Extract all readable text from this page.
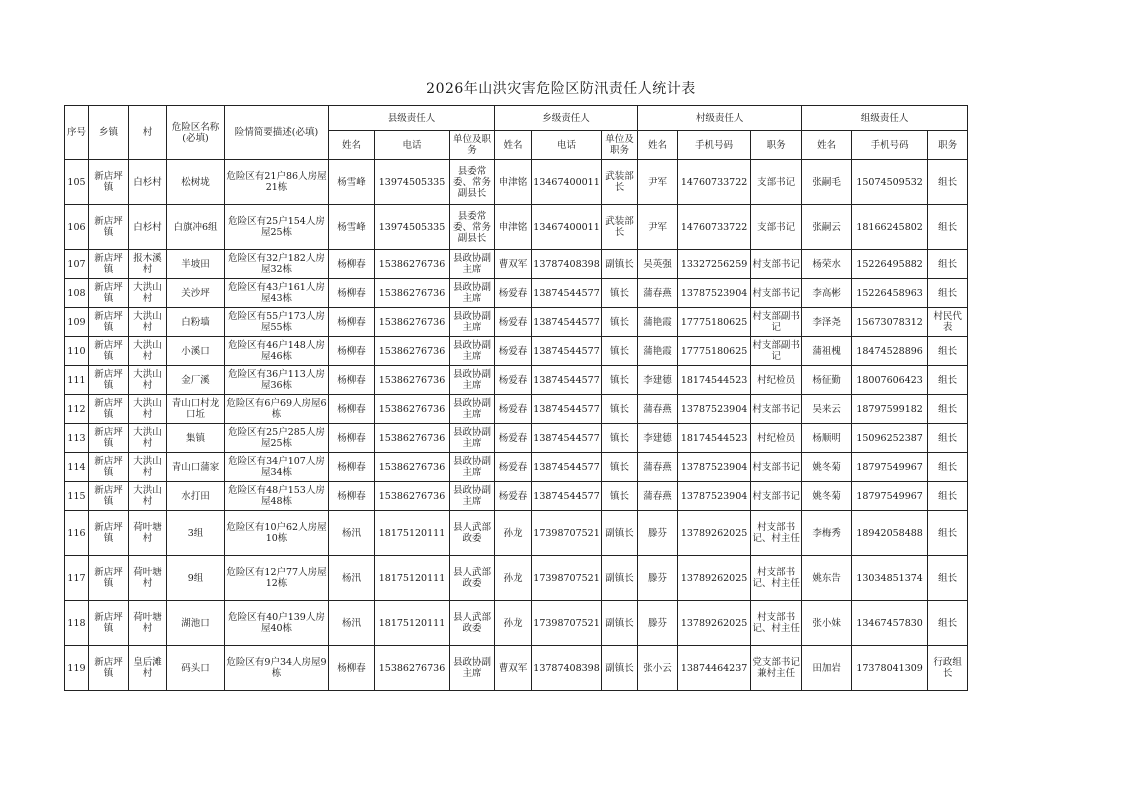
2026年山洪灾害危险区防汛责任人统计表
序号	乡镇	村	危险区名称(必填)	险情简要描述(必填)	县级责任人			乡级责任人			村级责任人			组级责任人		
					姓名	电话	单位及职务	姓名	电话	单位及职务	姓名	手机号码	职务	姓名	手机号码	职务
105	新店坪镇	白杉村	松树垅	危险区有21户86人房屋21栋	杨雪峰	13974505335	县委常委、常务副县长	申津铭	13467400011	武装部长	尹军	14760733722	支部书记	张嗣毛	15074509532	组长
106	新店坪镇	白杉村	白旗冲6组	危险区有25户154人房屋25栋	杨雪峰	13974505335	县委常委、常务副县长	申津铭	13467400011	武装部长	尹军	14760733722	支部书记	张嗣云	18166245802	组长
107	新店坪镇	报木溪村	半坡田	危险区有32户182人房屋32栋	杨柳春	15386276736	县政协副主席	曹双军	13787408398	副镇长	吴英强	13327256259	村支部书记	杨荣水	15226495882	组长
108	新店坪镇	大洪山村	关沙坪	危险区有43户161人房屋43栋	杨柳春	15386276736	县政协副主席	杨爱春	13874544577	镇长	蒲春燕	13787523904	村支部书记	李高彬	15226458963	组长
109	新店坪镇	大洪山村	白粉墙	危险区有55户173人房屋55栋	杨柳春	15386276736	县政协副主席	杨爱春	13874544577	镇长	蒲艳霞	17775180625	村支部副书记	李泽尧	15673078312	村民代表
110	新店坪镇	大洪山村	小溪口	危险区有46户148人房屋46栋	杨柳春	15386276736	县政协副主席	杨爱春	13874544577	镇长	蒲艳霞	17775180625	村支部副书记	蒲祖槐	18474528896	组长
111	新店坪镇	大洪山村	金厂溪	危险区有36户113人房屋36栋	杨柳春	15386276736	县政协副主席	杨爱春	13874544577	镇长	李建德	18174544523	村纪检员	杨征勤	18007606423	组长
112	新店坪镇	大洪山村	青山口村龙口坵	危险区有6户69人房屋6栋	杨柳春	15386276736	县政协副主席	杨爱春	13874544577	镇长	蒲春燕	13787523904	村支部书记	吴来云	18797599182	组长
113	新店坪镇	大洪山村	集镇	危险区有25户285人房屋25栋	杨柳春	15386276736	县政协副主席	杨爱春	13874544577	镇长	李建德	18174544523	村纪检员	杨顺明	15096252387	组长
114	新店坪镇	大洪山村	青山口蒲家	危险区有34户107人房屋34栋	杨柳春	15386276736	县政协副主席	杨爱春	13874544577	镇长	蒲春燕	13787523904	村支部书记	姚冬菊	18797549967	组长
115	新店坪镇	大洪山村	水打田	危险区有48户153人房屋48栋	杨柳春	15386276736	县政协副主席	杨爱春	13874544577	镇长	蒲春燕	13787523904	村支部书记	姚冬菊	18797549967	组长
116	新店坪镇	荷叶塘村	3组	危险区有10户62人房屋10栋	杨汛	18175120111	县人武部政委	孙龙	17398707521	副镇长	滕芬	13789262025	村支部书记、村主任	李梅秀	18942058488	组长
117	新店坪镇	荷叶塘村	9组	危险区有12户77人房屋12栋	杨汛	18175120111	县人武部政委	孙龙	17398707521	副镇长	滕芬	13789262025	村支部书记、村主任	姚东告	13034851374	组长
118	新店坪镇	荷叶塘村	湖池口	危险区有40户139人房屋40栋	杨汛	18175120111	县人武部政委	孙龙	17398707521	副镇长	滕芬	13789262025	村支部书记、村主任	张小妹	13467457830	组长
119	新店坪镇	皇后滩村	码头口	危险区有9户34人房屋9栋	杨柳春	15386276736	县政协副主席	曹双军	13787408398	副镇长	张小云	13874464237	党支部书记兼村主任	田加岩	17378041309	行政组长
